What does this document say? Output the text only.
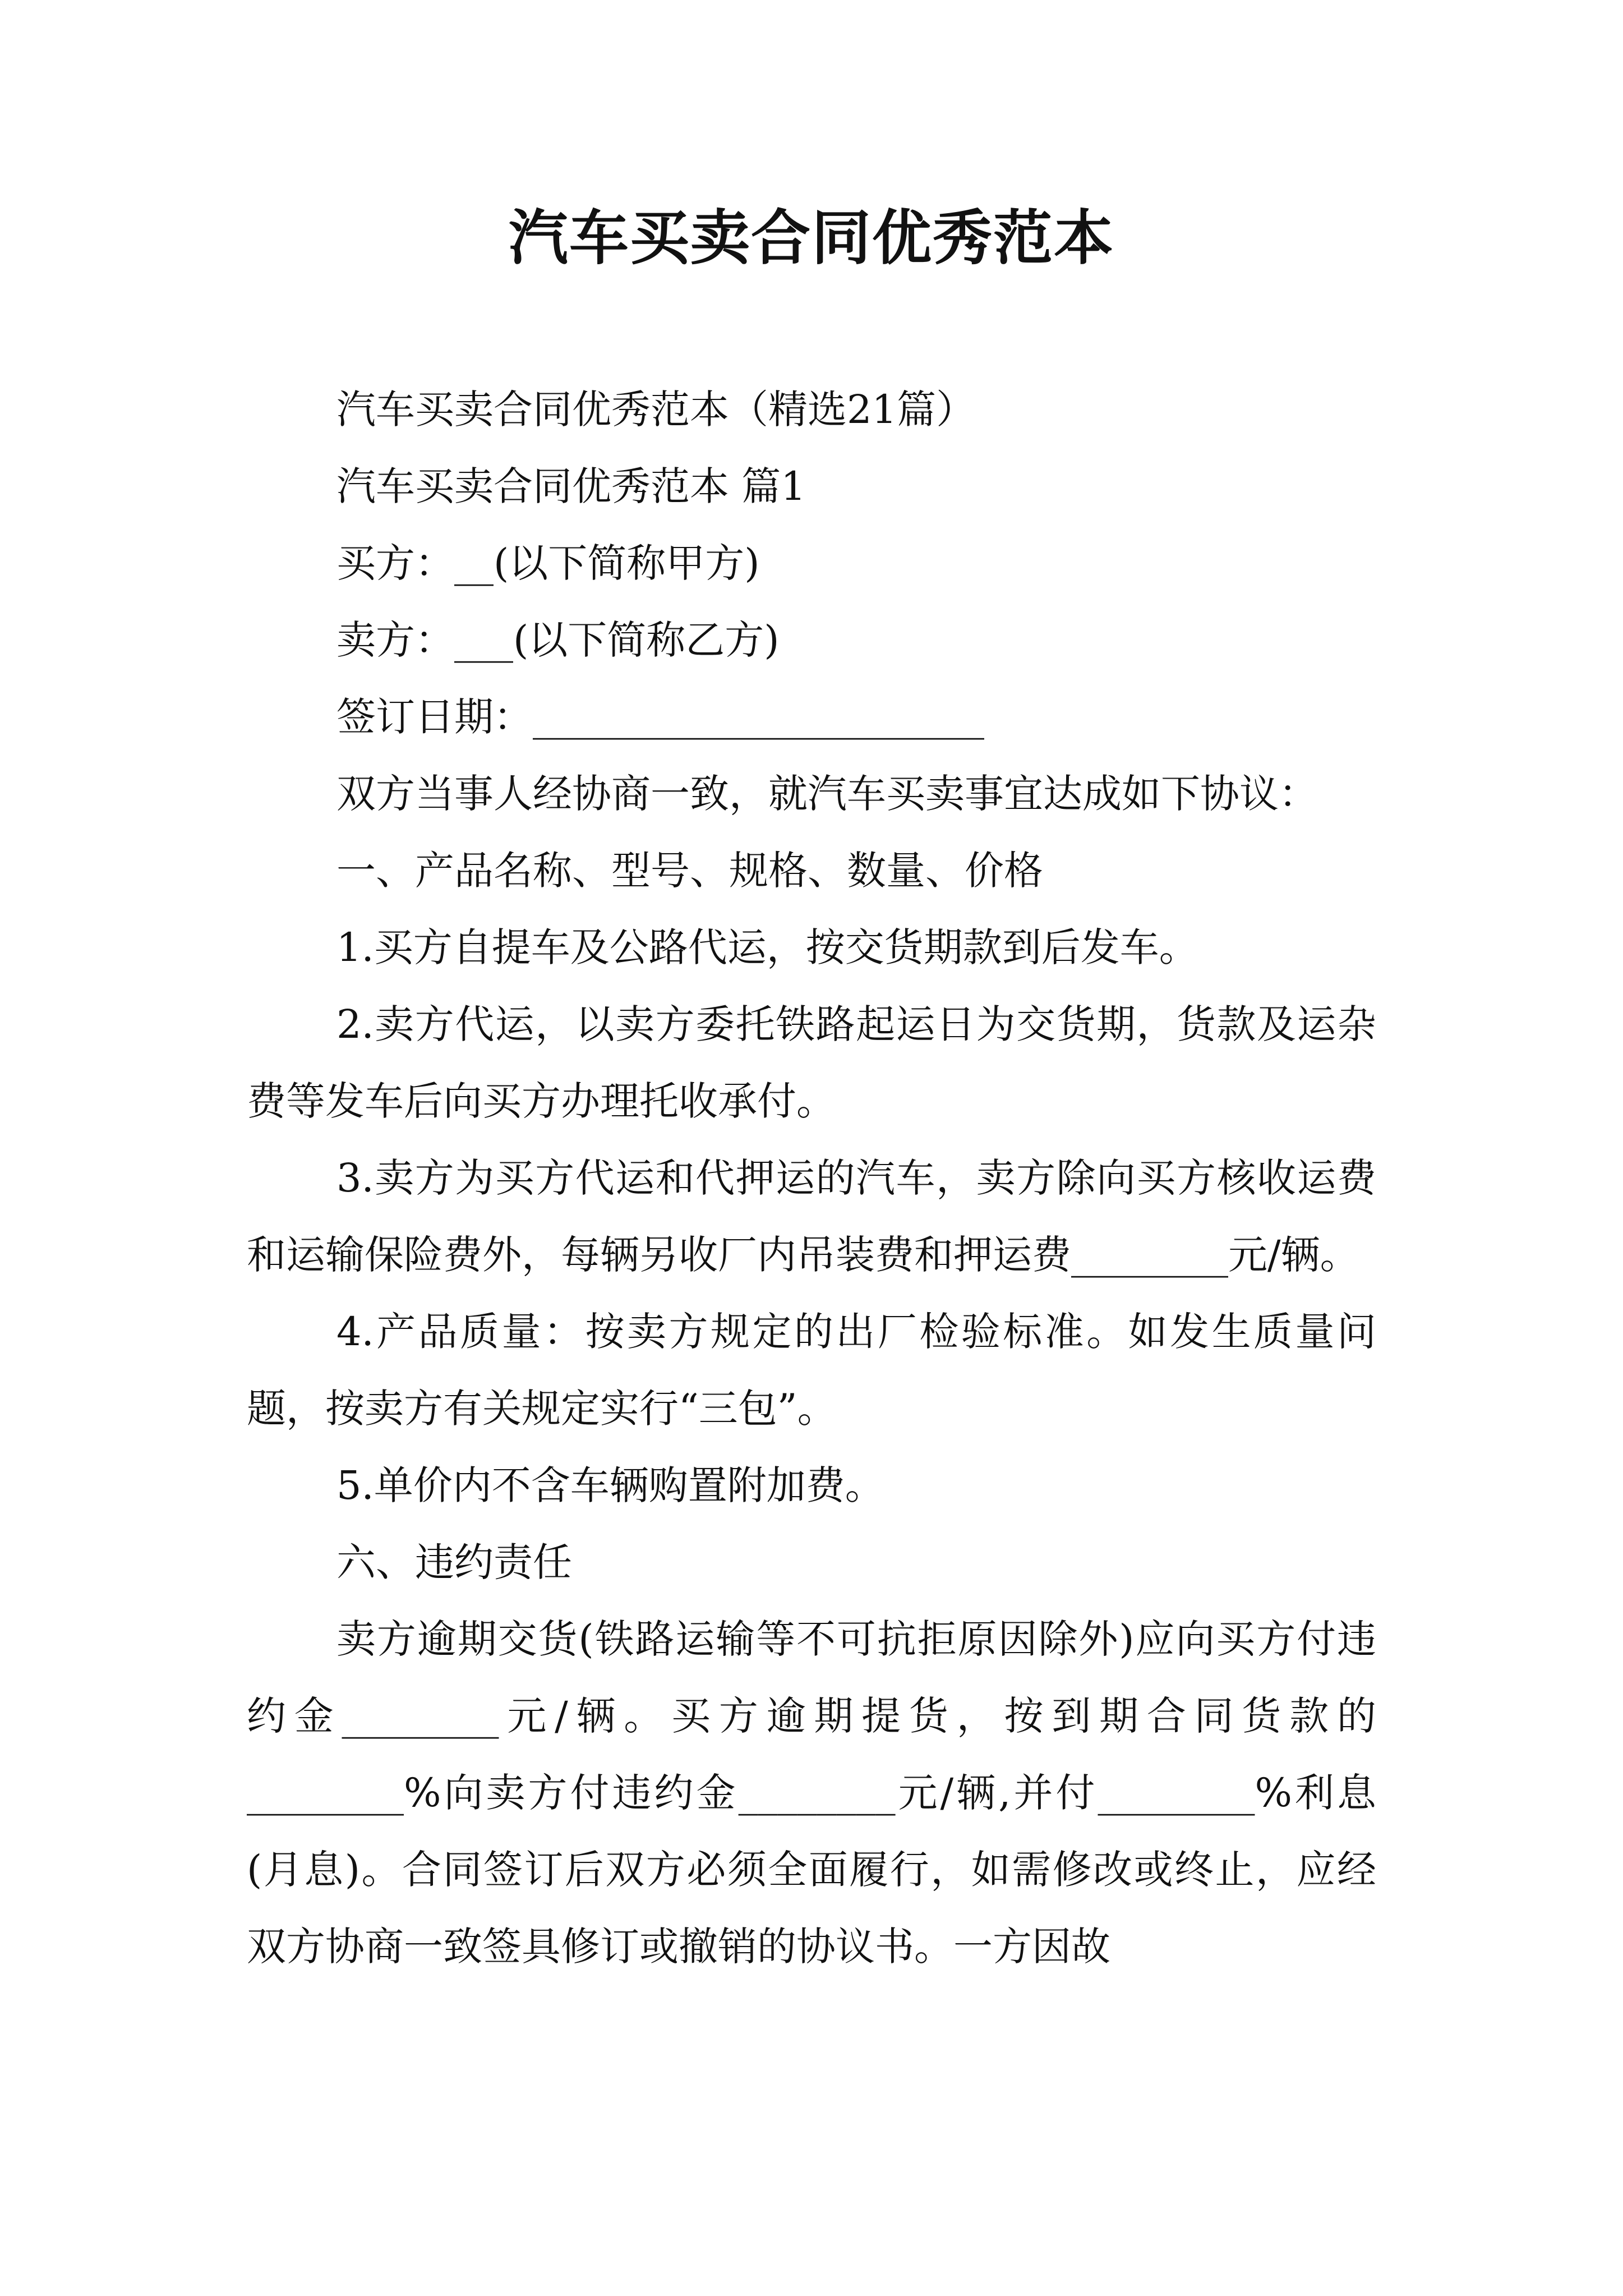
汽车买卖合同优秀范本

汽车买卖合同优秀范本（精选21篇）

汽车买卖合同优秀范本 篇1

买方：__(以下简称甲方)

卖方：___(以下简称乙方)

签订日期：_______________________

双方当事人经协商一致，就汽车买卖事宜达成如下协议：

一、产品名称、型号、规格、数量、价格

1.买方自提车及公路代运，按交货期款到后发车。

2.卖方代运，以卖方委托铁路起运日为交货期，货款及运杂费等发车后向买方办理托收承付。

3.卖方为买方代运和代押运的汽车，卖方除向买方核收运费和运输保险费外，每辆另收厂内吊装费和押运费________元/辆。

4.产品质量：按卖方规定的出厂检验标准。如发生质量问题，按卖方有关规定实行“三包”。

5.单价内不含车辆购置附加费。

六、违约责任

卖方逾期交货(铁路运输等不可抗拒原因除外)应向买方付违约金________元/辆。买方逾期提货，按到期合同货款的________%向卖方付违约金________元/辆,并付________%利息(月息)。合同签订后双方必须全面履行，如需修改或终止，应经双方协商一致签具修订或撤销的协议书。一方因故
